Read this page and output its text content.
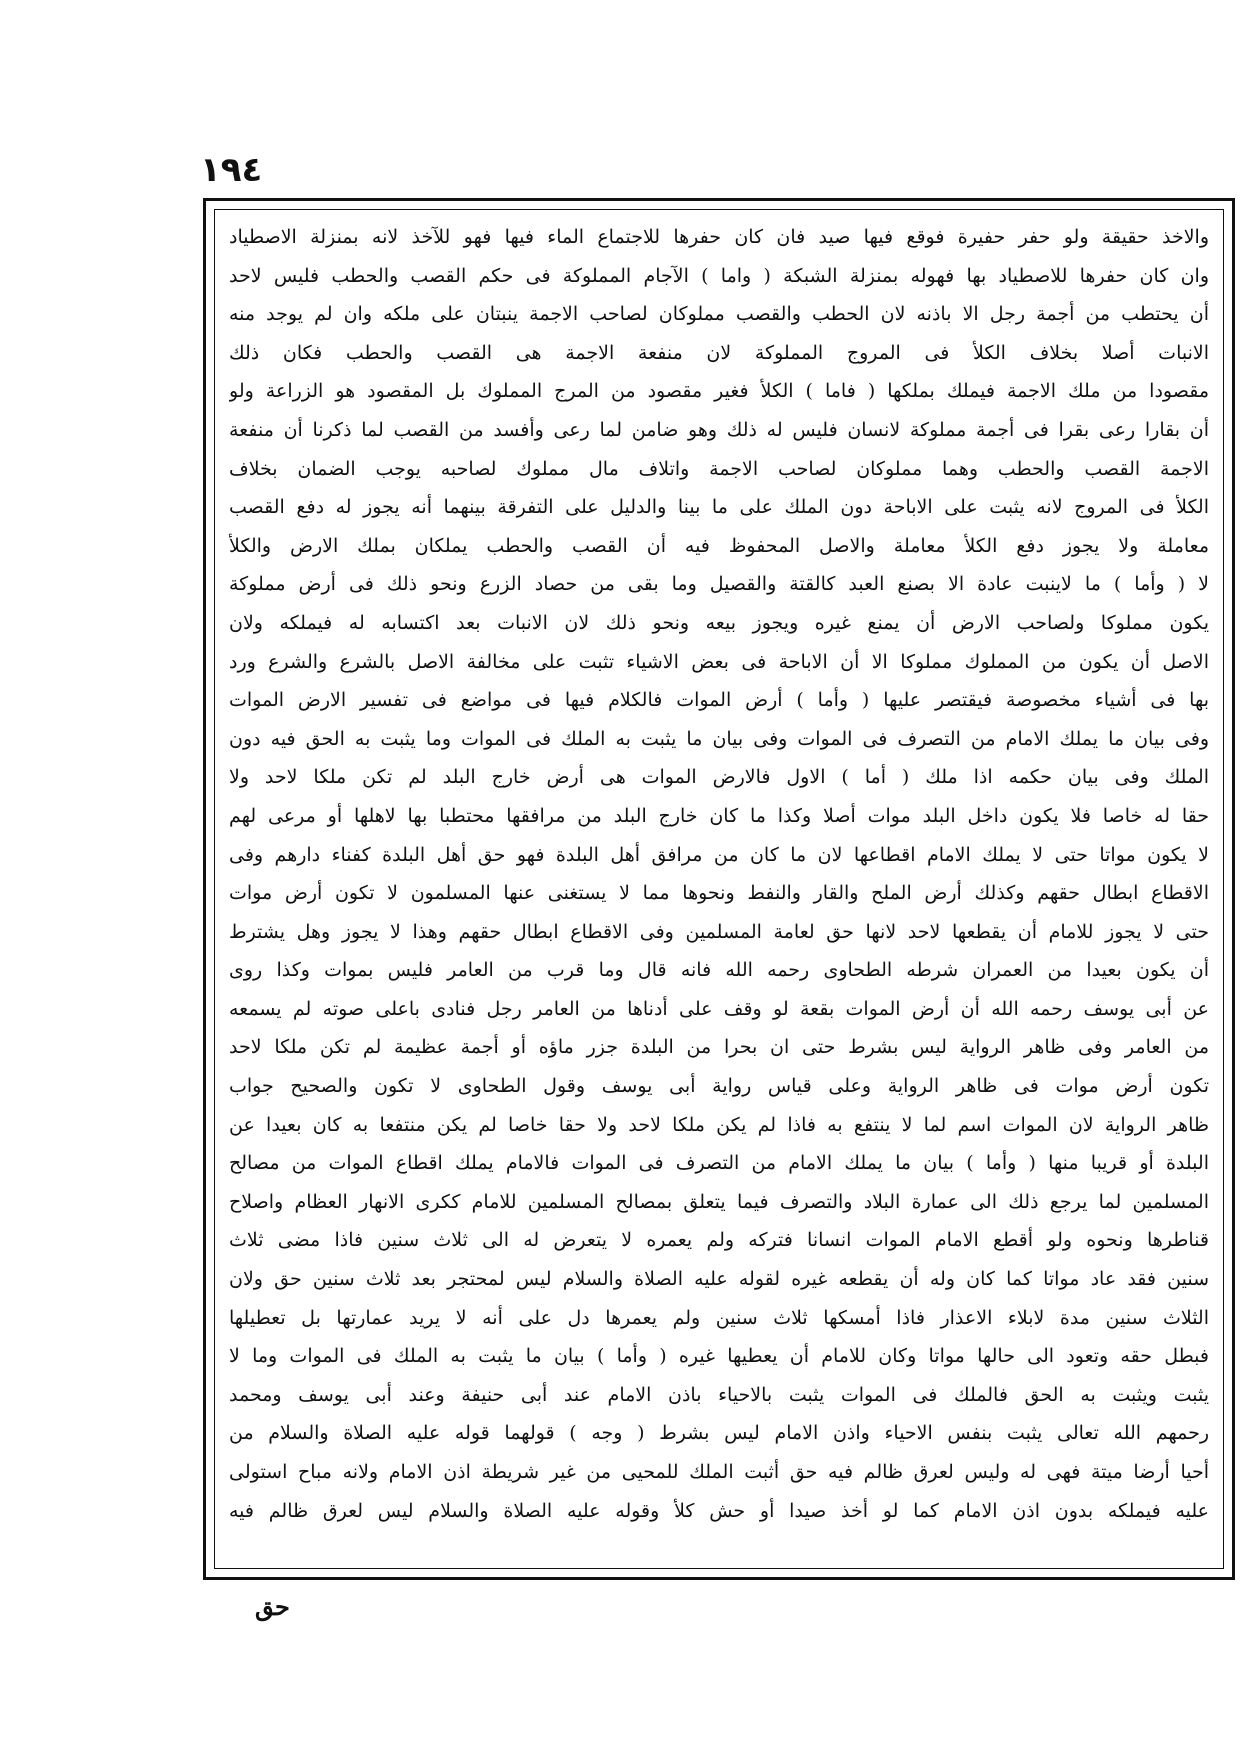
١٩٤
والاخذ حقيقة ولو حفر حفيرة فوقع فيها صيد فان كان حفرها للاجتماع الماء فيها فهو للآخذ لانه بمنزلة الاصطياد
وان كان حفرها للاصطياد بها فهوله بمنزلة الشبكة ( واما ) الآجام المملوكة فى حكم القصب والحطب فليس لاحد
أن يحتطب من أجمة رجل الا باذنه لان الحطب والقصب مملوكان لصاحب الاجمة ينبتان على ملكه وان لم يوجد منه
الانبات أصلا بخلاف الكلأ فى المروج المملوكة لان منفعة الاجمة هى القصب والحطب فكان ذلك
مقصودا من ملك الاجمة فيملك بملكها ( فاما ) الكلأ فغير مقصود من المرج المملوك بل المقصود هو الزراعة ولو
أن بقارا رعى بقرا فى أجمة مملوكة لانسان فليس له ذلك وهو ضامن لما رعى وأفسد من القصب لما ذكرنا أن منفعة
الاجمة القصب والحطب وهما مملوكان لصاحب الاجمة واتلاف مال مملوك لصاحبه يوجب الضمان بخلاف
الكلأ فى المروج لانه يثبت على الاباحة دون الملك على ما بينا والدليل على التفرقة بينهما أنه يجوز له دفع القصب
معاملة ولا يجوز دفع الكلأ معاملة والاصل المحفوظ فيه أن القصب والحطب يملكان بملك الارض والكلأ
لا ( وأما ) ما لاينبت عادة الا بصنع العبد كالقتة والقصيل وما بقى من حصاد الزرع ونحو ذلك فى أرض مملوكة
يكون مملوكا ولصاحب الارض أن يمنع غيره ويجوز بيعه ونحو ذلك لان الانبات بعد اكتسابه له فيملكه ولان
الاصل أن يكون من المملوك مملوكا الا أن الاباحة فى بعض الاشياء تثبت على مخالفة الاصل بالشرع والشرع ورد
بها فى أشياء مخصوصة فيقتصر عليها ( وأما ) أرض الموات فالكلام فيها فى مواضع فى تفسير الارض الموات
وفى بيان ما يملك الامام من التصرف فى الموات وفى بيان ما يثبت به الملك فى الموات وما يثبت به الحق فيه دون
الملك وفى بيان حكمه اذا ملك ( أما ) الاول فالارض الموات هى أرض خارج البلد لم تكن ملكا لاحد ولا
حقا له خاصا فلا يكون داخل البلد موات أصلا وكذا ما كان خارج البلد من مرافقها محتطبا بها لاهلها أو مرعى لهم
لا يكون مواتا حتى لا يملك الامام اقطاعها لان ما كان من مرافق أهل البلدة فهو حق أهل البلدة كفناء دارهم وفى
الاقطاع ابطال حقهم وكذلك أرض الملح والقار والنفط ونحوها مما لا يستغنى عنها المسلمون لا تكون أرض موات
حتى لا يجوز للامام أن يقطعها لاحد لانها حق لعامة المسلمين وفى الاقطاع ابطال حقهم وهذا لا يجوز وهل يشترط
أن يكون بعيدا من العمران شرطه الطحاوى رحمه الله فانه قال وما قرب من العامر فليس بموات وكذا روى
عن أبى يوسف رحمه الله أن أرض الموات بقعة لو وقف على أدناها من العامر رجل فنادى باعلى صوته لم يسمعه
من العامر وفى ظاهر الرواية ليس بشرط حتى ان بحرا من البلدة جزر ماؤه أو أجمة عظيمة لم تكن ملكا لاحد
تكون أرض موات فى ظاهر الرواية وعلى قياس رواية أبى يوسف وقول الطحاوى لا تكون والصحيح جواب
ظاهر الرواية لان الموات اسم لما لا ينتفع به فاذا لم يكن ملكا لاحد ولا حقا خاصا لم يكن منتفعا به كان بعيدا عن
البلدة أو قريبا منها ( وأما ) بيان ما يملك الامام من التصرف فى الموات فالامام يملك اقطاع الموات من مصالح
المسلمين لما يرجع ذلك الى عمارة البلاد والتصرف فيما يتعلق بمصالح المسلمين للامام ككرى الانهار العظام واصلاح
قناطرها ونحوه ولو أقطع الامام الموات انسانا فتركه ولم يعمره لا يتعرض له الى ثلاث سنين فاذا مضى ثلاث
سنين فقد عاد مواتا كما كان وله أن يقطعه غيره لقوله عليه الصلاة والسلام ليس لمحتجر بعد ثلاث سنين حق ولان
الثلاث سنين مدة لابلاء الاعذار فاذا أمسكها ثلاث سنين ولم يعمرها دل على أنه لا يريد عمارتها بل تعطيلها
فبطل حقه وتعود الى حالها مواتا وكان للامام أن يعطيها غيره ( وأما ) بيان ما يثبت به الملك فى الموات وما لا
يثبت ويثبت به الحق فالملك فى الموات يثبت بالاحياء باذن الامام عند أبى حنيفة وعند أبى يوسف ومحمد
رحمهم الله تعالى يثبت بنفس الاحياء واذن الامام ليس بشرط ( وجه ) قولهما قوله عليه الصلاة والسلام من
أحيا أرضا ميتة فهى له وليس لعرق ظالم فيه حق أثبت الملك للمحيى من غير شريطة اذن الامام ولانه مباح استولى
عليه فيملكه بدون اذن الامام كما لو أخذ صيدا أو حش كلأ وقوله عليه الصلاة والسلام ليس لعرق ظالم فيه
حق
